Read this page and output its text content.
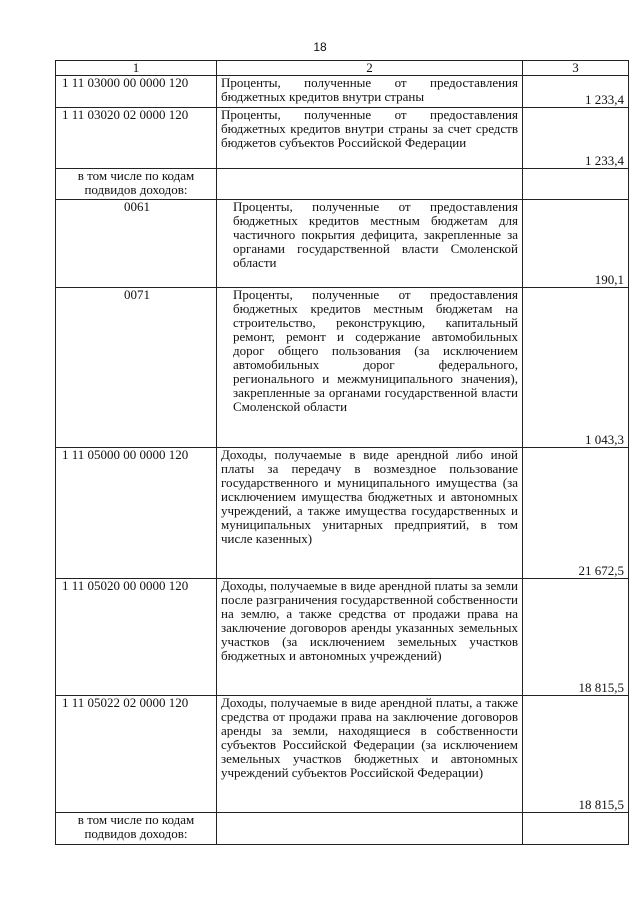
18
1	2	3
1 11 03000 00 0000 120	Проценты, полученные от предоставления бюджетных кредитов внутри страны	1 233,4
1 11 03020 02 0000 120	Проценты, полученные от предоставления бюджетных кредитов внутри страны за счет средств бюджетов субъектов Российской Федерации	1 233,4
в том числе по кодам подвидов доходов:		
0061	Проценты, полученные от предоставления бюджетных кредитов местным бюджетам для частичного покрытия дефицита, закрепленные за органами государственной власти Смоленской области	190,1
0071	Проценты, полученные от предоставления бюджетных кредитов местным бюджетам на строительство, реконструкцию, капитальный ремонт, ремонт и содержание автомобильных дорог общего пользования (за исключением автомобильных дорог федерального, регионального и межмуниципального значения), закрепленные за органами государственной власти Смоленской области	1 043,3
1 11 05000 00 0000 120	Доходы, получаемые в виде арендной либо иной платы за передачу в возмездное пользование государственного и муниципального имущества (за исключением имущества бюджетных и автономных учреждений, а также имущества государственных и муниципальных унитарных предприятий, в том числе казенных)	21 672,5
1 11 05020 00 0000 120	Доходы, получаемые в виде арендной платы за земли после разграничения государственной собственности на землю, а также средства от продажи права на заключение договоров аренды указанных земельных участков (за исключением земельных участков бюджетных и автономных учреждений)	18 815,5
1 11 05022 02 0000 120	Доходы, получаемые в виде арендной платы, а также средства от продажи права на заключение договоров аренды за земли, находящиеся в собственности субъектов Российской Федерации (за исключением земельных участков бюджетных и автономных учреждений субъектов Российской Федерации)	18 815,5
в том числе по кодам подвидов доходов:		
